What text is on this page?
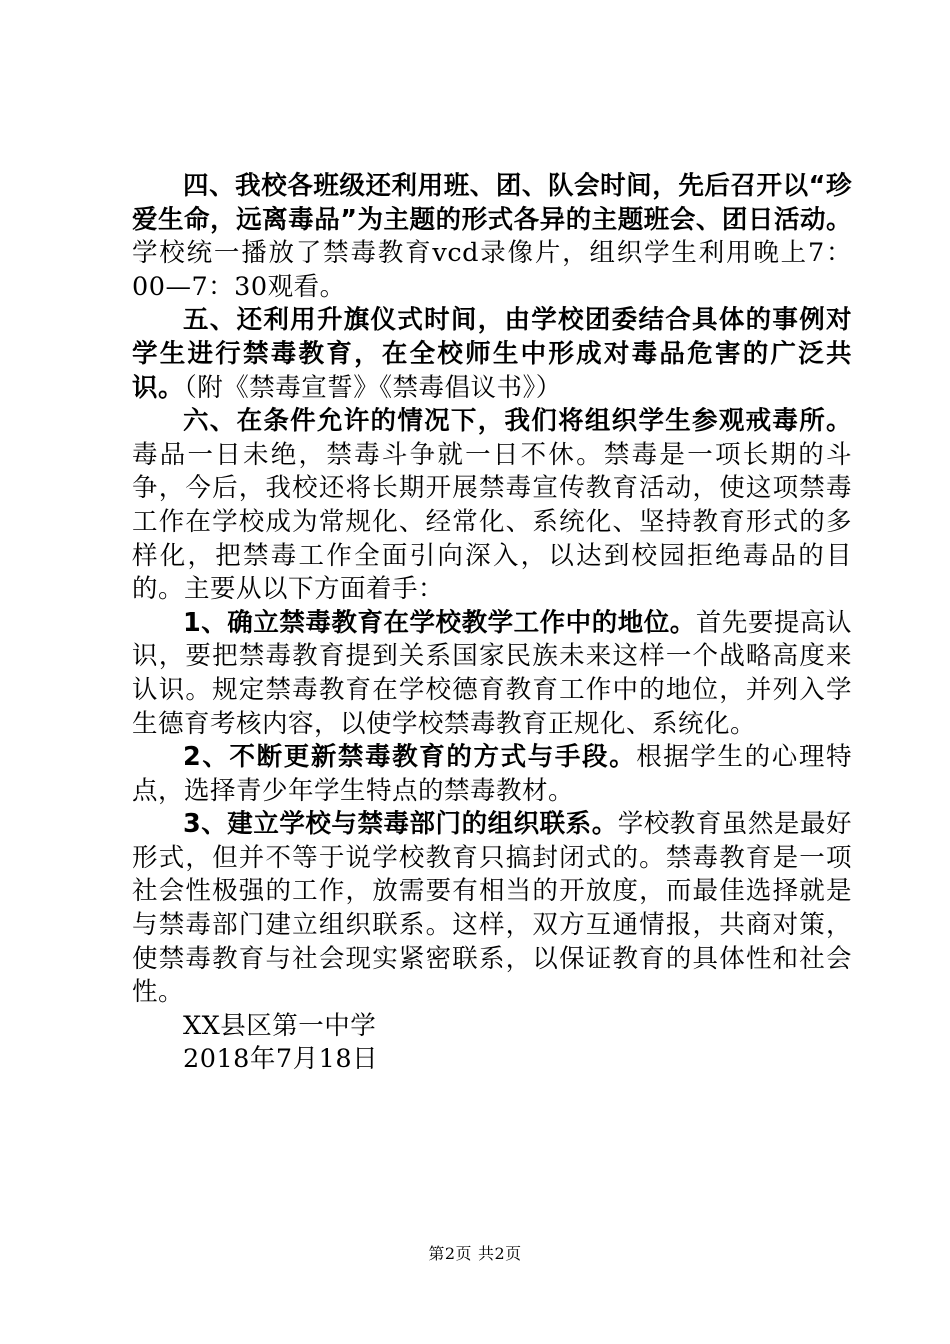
四、我校各班级还利用班、团、队会时间，先后召开以“珍爱生命，远离毒品”为主题的形式各异的主题班会、团日活动。学校统一播放了禁毒教育vcd录像片，组织学生利用晚上7：00—7：30观看。

五、还利用升旗仪式时间，由学校团委结合具体的事例对学生进行禁毒教育，在全校师生中形成对毒品危害的广泛共识。（附《禁毒宣誓》《禁毒倡议书》）

六、在条件允许的情况下，我们将组织学生参观戒毒所。毒品一日未绝，禁毒斗争就一日不休。禁毒是一项长期的斗争，今后，我校还将长期开展禁毒宣传教育活动，使这项禁毒工作在学校成为常规化、经常化、系统化、坚持教育形式的多样化，把禁毒工作全面引向深入，以达到校园拒绝毒品的目的。主要从以下方面着手：

1、确立禁毒教育在学校教学工作中的地位。首先要提高认识，要把禁毒教育提到关系国家民族未来这样一个战略高度来认识。规定禁毒教育在学校德育教育工作中的地位，并列入学生德育考核内容，以使学校禁毒教育正规化、系统化。

2、不断更新禁毒教育的方式与手段。根据学生的心理特点，选择青少年学生特点的禁毒教材。

3、建立学校与禁毒部门的组织联系。学校教育虽然是最好形式，但并不等于说学校教育只搞封闭式的。禁毒教育是一项社会性极强的工作，放需要有相当的开放度，而最佳选择就是与禁毒部门建立组织联系。这样，双方互通情报，共商对策，使禁毒教育与社会现实紧密联系，以保证教育的具体性和社会性。

XX县区第一中学

2018年7月18日

第2页 共2页
